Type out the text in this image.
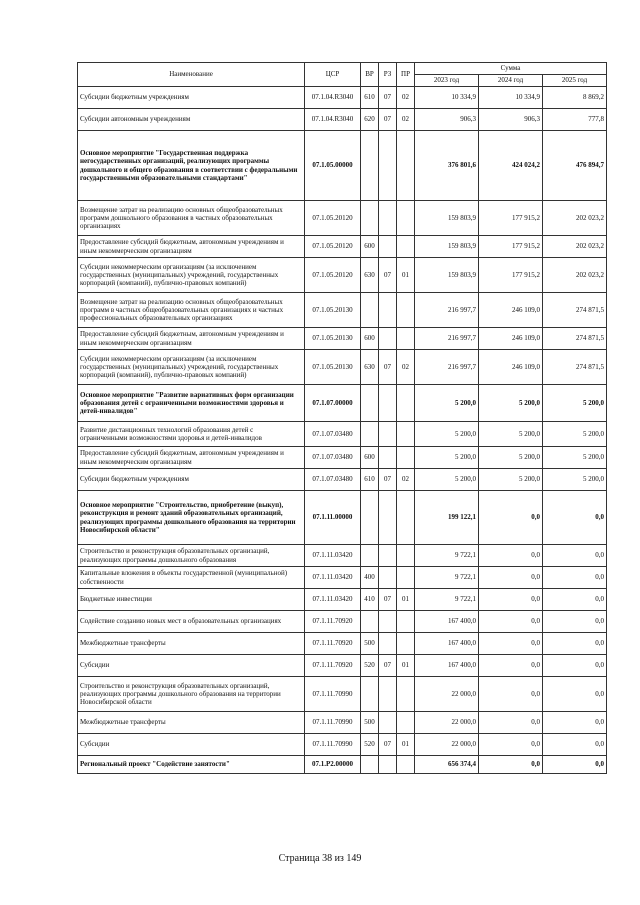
Наименование	ЦСР	ВР	РЗ	ПР	Сумма		
					2023 год	2024 год	2025 год
Субсидии бюджетным учреждениям	07.1.04.R3040	610	07	02	10 334,9	10 334,9	8 869,2
Субсидии автономным учреждениям	07.1.04.R3040	620	07	02	906,3	906,3	777,8
Основное мероприятие "Государственная поддержка негосударственных организаций, реализующих программы дошкольного и общего образования в соответствии с федеральными государственными образовательными стандартами"	07.1.05.00000				376 801,6	424 024,2	476 894,7
Возмещение затрат на реализацию основных общеобразовательных программ дошкольного образования в частных образовательных организациях	07.1.05.20120				159 803,9	177 915,2	202 023,2
Предоставление субсидий бюджетным, автономным учреждениям и иным некоммерческим организациям	07.1.05.20120	600			159 803,9	177 915,2	202 023,2
Субсидии некоммерческим организациям (за исключением государственных (муниципальных) учреждений, государственных корпораций (компаний), публично-правовых компаний)	07.1.05.20120	630	07	01	159 803,9	177 915,2	202 023,2
Возмещение затрат на реализацию основных общеобразовательных программ в частных общеобразовательных организациях и частных профессиональных образовательных организациях	07.1.05.20130				216 997,7	246 109,0	274 871,5
Предоставление субсидий бюджетным, автономным учреждениям и иным некоммерческим организациям	07.1.05.20130	600			216 997,7	246 109,0	274 871,5
Субсидии некоммерческим организациям (за исключением государственных (муниципальных) учреждений, государственных корпораций (компаний), публично-правовых компаний)	07.1.05.20130	630	07	02	216 997,7	246 109,0	274 871,5
Основное мероприятие "Развитие вариативных форм организации образования детей с ограниченными возможностями здоровья и детей-инвалидов"	07.1.07.00000				5 200,0	5 200,0	5 200,0
Развитие дистанционных технологий образования детей с ограниченными возможностями здоровья и детей-инвалидов	07.1.07.03480				5 200,0	5 200,0	5 200,0
Предоставление субсидий бюджетным, автономным учреждениям и иным некоммерческим организациям	07.1.07.03480	600			5 200,0	5 200,0	5 200,0
Субсидии бюджетным учреждениям	07.1.07.03480	610	07	02	5 200,0	5 200,0	5 200,0
Основное мероприятие "Строительство, приобретение (выкуп), реконструкция и ремонт зданий образовательных организаций, реализующих программы дошкольного образования на территории Новосибирской области"	07.1.11.00000				199 122,1	0,0	0,0
Строительство и реконструкция образовательных организаций, реализующих программы дошкольного образования	07.1.11.03420				9 722,1	0,0	0,0
Капитальные вложения в объекты государственной (муниципальной) собственности	07.1.11.03420	400			9 722,1	0,0	0,0
Бюджетные инвестиции	07.1.11.03420	410	07	01	9 722,1	0,0	0,0
Содействие созданию новых мест в образовательных организациях	07.1.11.70920				167 400,0	0,0	0,0
Межбюджетные трансферты	07.1.11.70920	500			167 400,0	0,0	0,0
Субсидии	07.1.11.70920	520	07	01	167 400,0	0,0	0,0
Строительство и реконструкция образовательных организаций, реализующих программы дошкольного образования на территории Новосибирской области	07.1.11.70990				22 000,0	0,0	0,0
Межбюджетные трансферты	07.1.11.70990	500			22 000,0	0,0	0,0
Субсидии	07.1.11.70990	520	07	01	22 000,0	0,0	0,0
Региональный проект "Содействие занятости"	07.1.P2.00000				656 374,4	0,0	0,0
Страница 38 из 149
